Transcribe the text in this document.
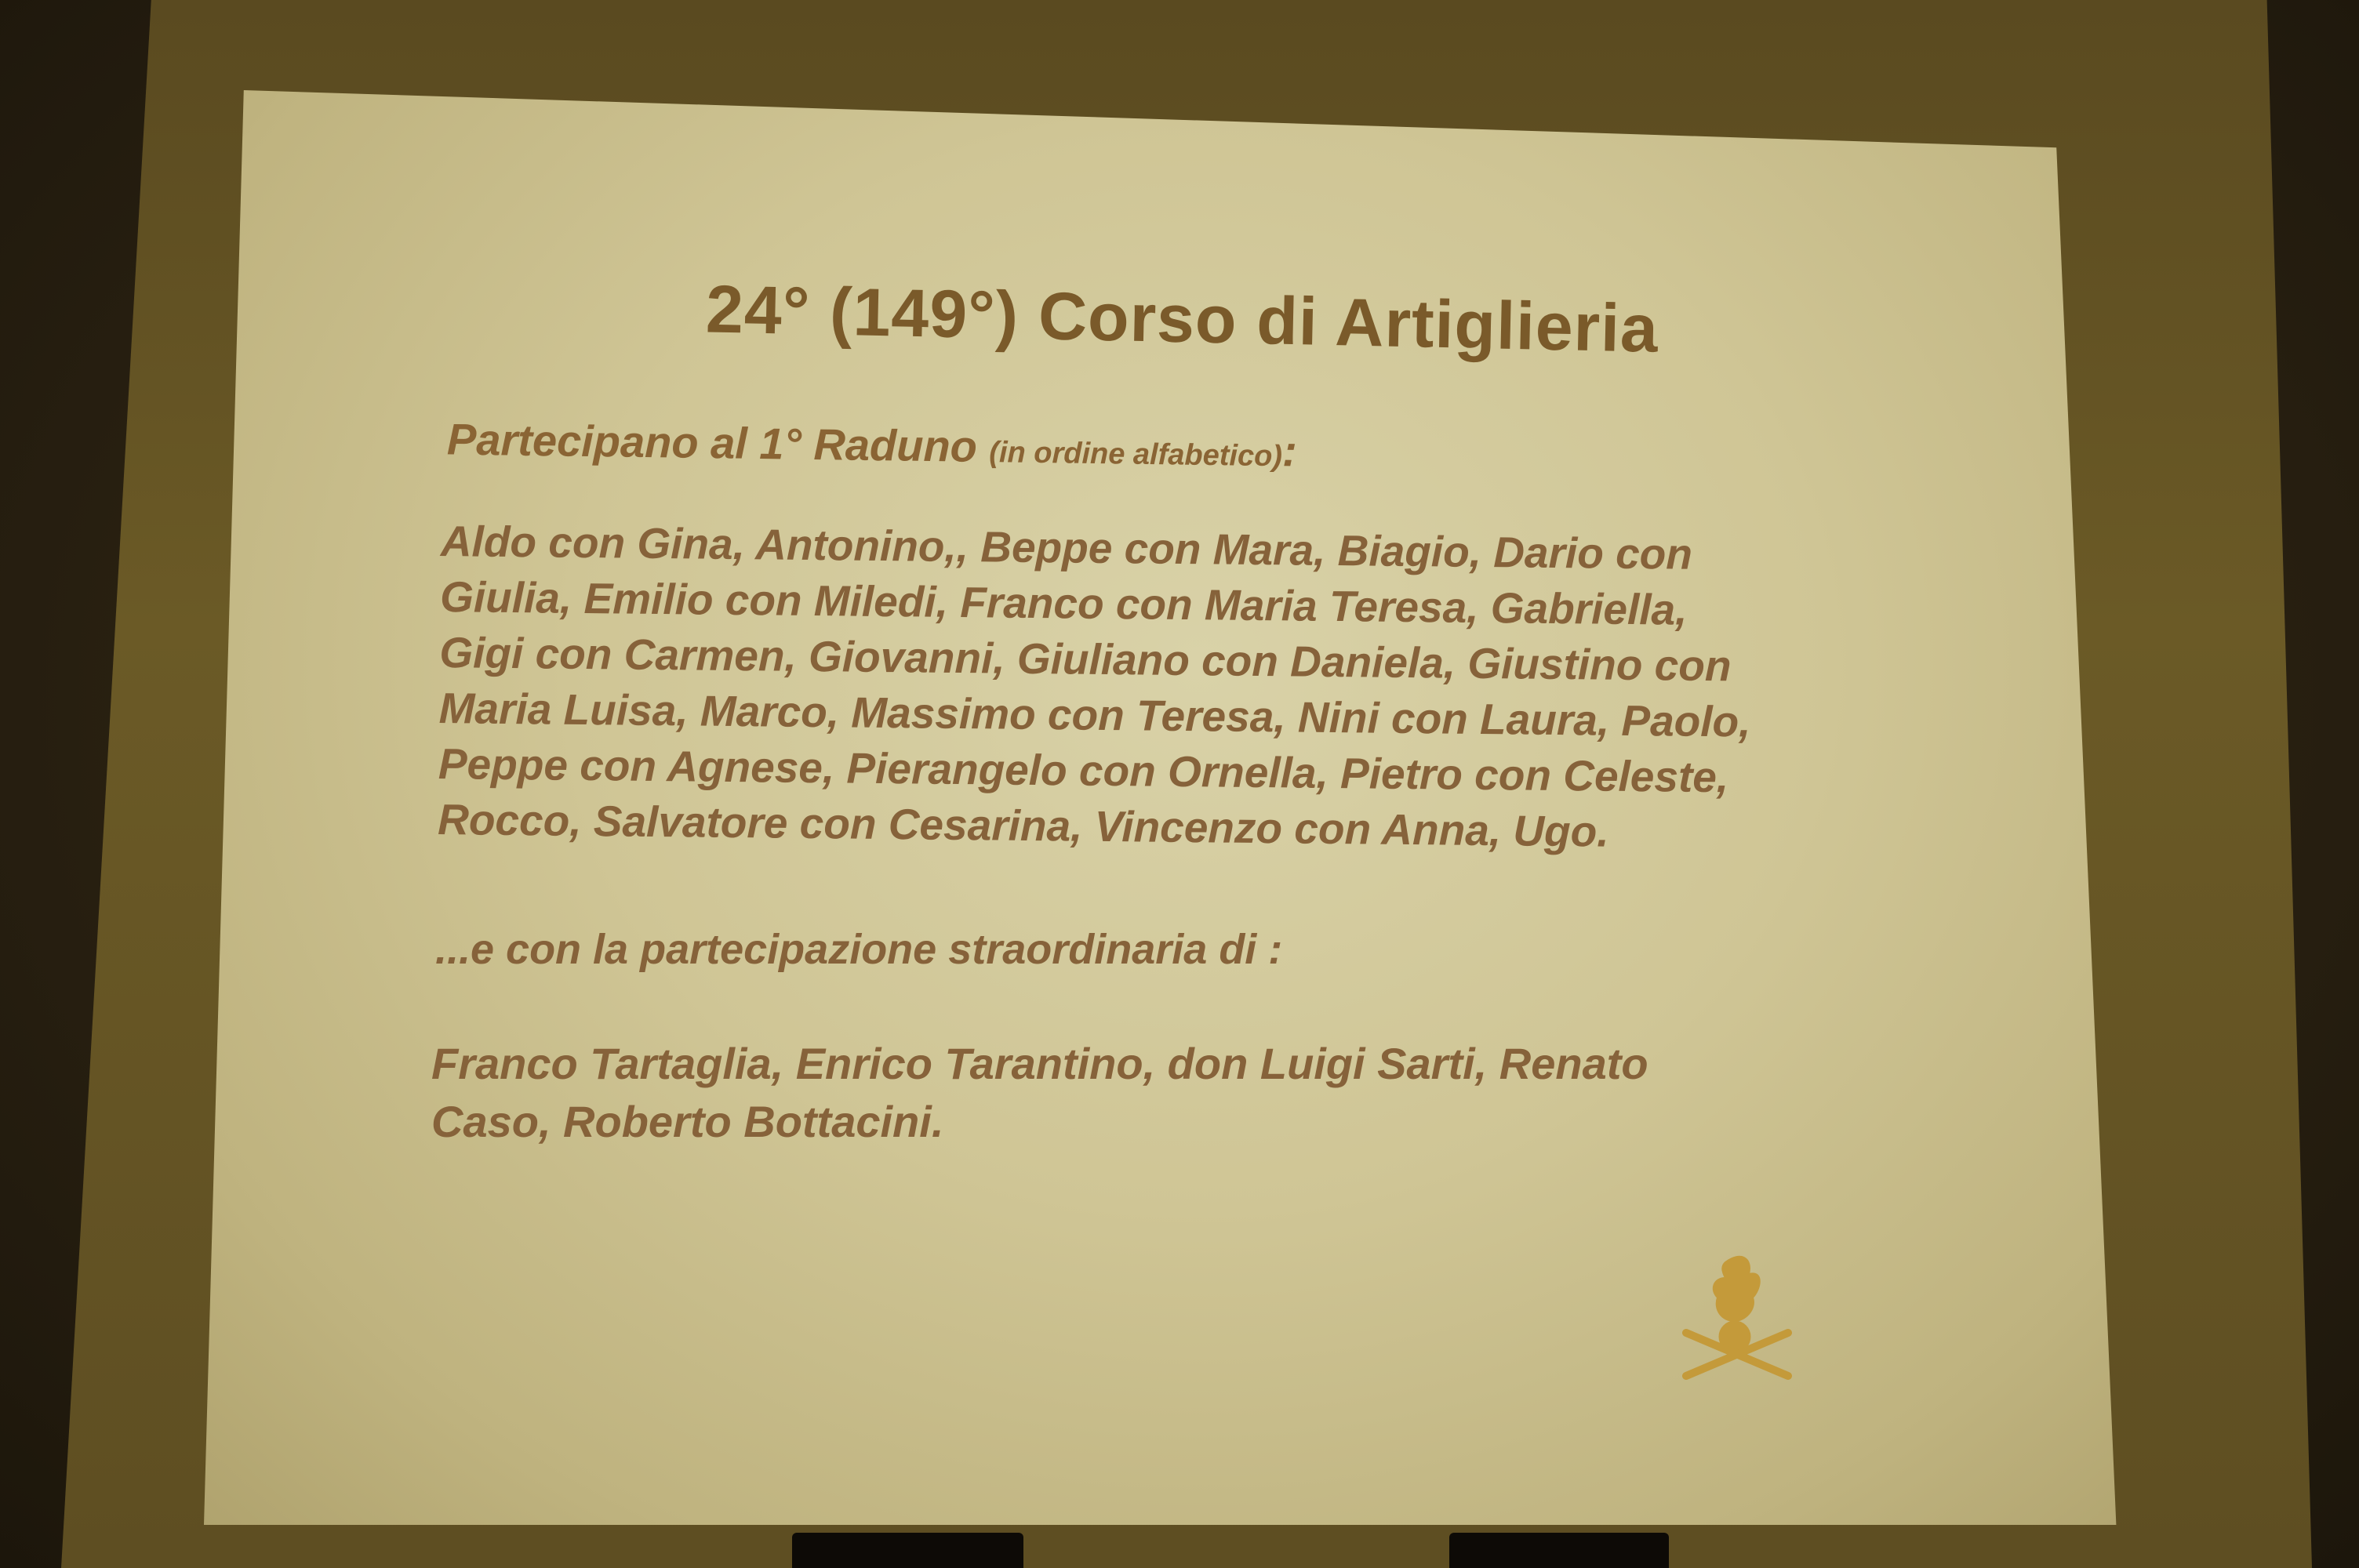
24° (149°) Corso di Artiglieria
Partecipano al 1° Raduno (in ordine alfabetico):
Aldo con Gina, Antonino,, Beppe con Mara, Biagio, Dario con
Giulia, Emilio con Miledi, Franco con Maria Teresa, Gabriella,
Gigi con Carmen, Giovanni, Giuliano con Daniela, Giustino con
Maria Luisa, Marco, Massimo con Teresa, Nini con Laura, Paolo,
Peppe con Agnese, Pierangelo con Ornella, Pietro con Celeste,
Rocco, Salvatore con Cesarina, Vincenzo con Anna, Ugo.
...e con la partecipazione straordinaria di :
Franco Tartaglia, Enrico Tarantino, don Luigi Sarti, Renato
Caso, Roberto Bottacini.
